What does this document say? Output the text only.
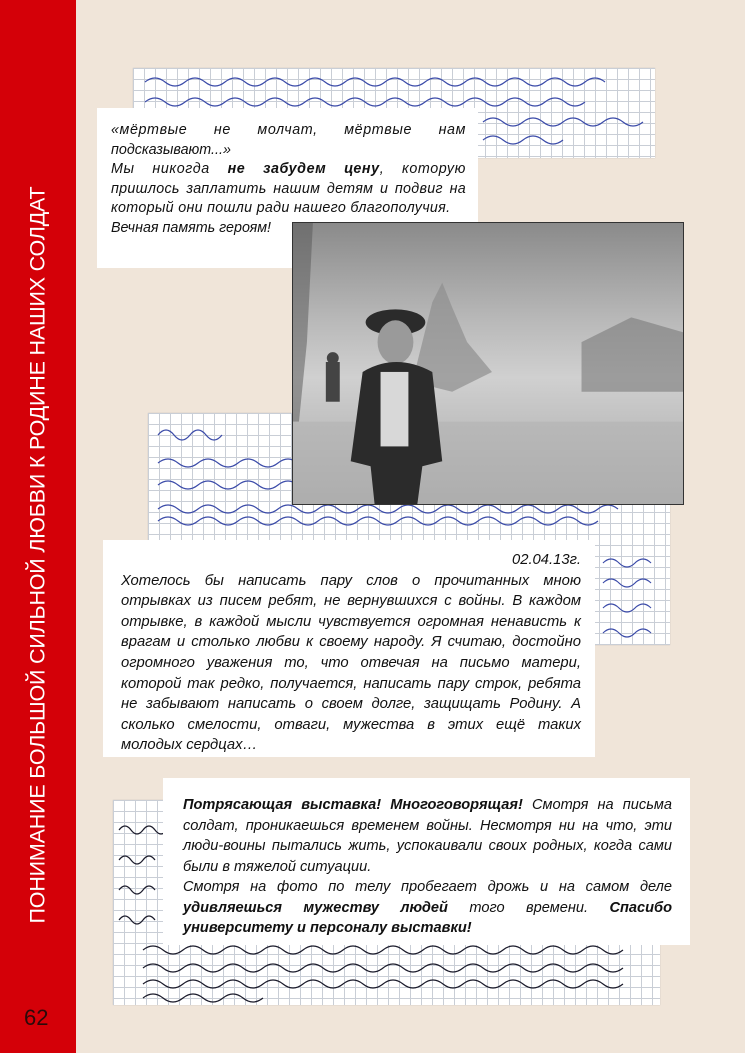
ПОНИМАНИЕ БОЛЬШОЙ СИЛЬНОЙ ЛЮБВИ К РОДИНЕ НАШИХ СОЛДАТ
62

«мёртвые не молчат, мёртвые нам

подсказывают...»

Мы никогда не забудем цену, которую

пришлось заплатить нашим детям и подвиг на который они пошли ради нашего благополучия.

Вечная память героям!

02.04.13г.

Хотелось бы написать пару слов о прочитанных мною отрывках из писем ребят, не вернувшихся с войны. В каждом отрывке, в каждой мысли чувствуется огромная ненависть к врагам и столько любви к своему народу. Я считаю, достойно огромного уважения то, что отвечая на письмо матери, которой так редко, получается, написать пару строк, ребята не забывают написать о своем долге, защищать Родину. А сколько смелости, отваги, мужества в этих ещё таких молодых сердцах…

Потрясающая выставка! Многоговорящая! Смотря на письма солдат, проникаешься временем войны. Несмотря ни на что, эти люди-воины пытались жить, успокаивали своих родных, когда сами были в тяжелой ситуации.

Смотря на фото по телу пробегает дрожь и на самом деле удивляешься мужеству людей того времени. Спасибо университету и персоналу выставки!
